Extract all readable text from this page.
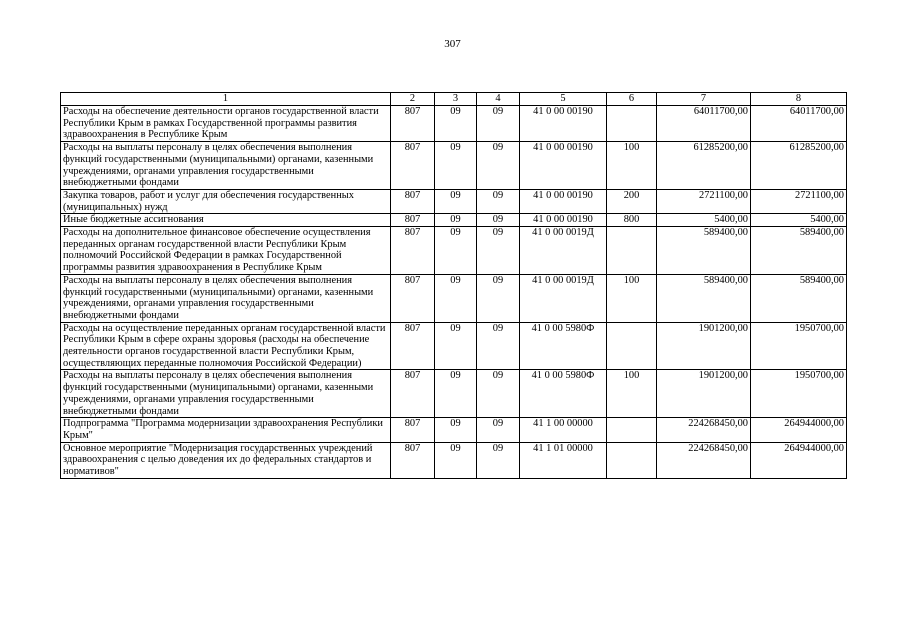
307
1	2	3	4	5	6	7	8
Расходы на обеспечение деятельности органов государственной власти Республики Крым в рамках Государственной программы развития здравоохранения в Республике Крым	807	09	09	41 0 00 00190		64011700,00	64011700,00
Расходы на выплаты персоналу в целях обеспечения выполнения функций государственными (муниципальными) органами, казенными учреждениями, органами управления государственными внебюджетными фондами	807	09	09	41 0 00 00190	100	61285200,00	61285200,00
Закупка товаров, работ и услуг для обеспечения государственных (муниципальных) нужд	807	09	09	41 0 00 00190	200	2721100,00	2721100,00
Иные бюджетные ассигнования	807	09	09	41 0 00 00190	800	5400,00	5400,00
Расходы на дополнительное финансовое обеспечение осуществления переданных органам государственной власти Республики Крым полномочий Российской Федерации в рамках Государственной программы развития здравоохранения в Республике Крым	807	09	09	41 0 00 0019Д		589400,00	589400,00
Расходы на выплаты персоналу в целях обеспечения выполнения функций государственными (муниципальными) органами, казенными учреждениями, органами управления государственными внебюджетными фондами	807	09	09	41 0 00 0019Д	100	589400,00	589400,00
Расходы на осуществление переданных органам государственной власти Республики Крым в сфере охраны здоровья (расходы на обеспечение деятельности органов государственной власти Республики Крым, осуществляющих переданные полномочия Российской Федерации)	807	09	09	41 0 00 5980Ф		1901200,00	1950700,00
Расходы на выплаты персоналу в целях обеспечения выполнения функций государственными (муниципальными) органами, казенными учреждениями, органами управления государственными внебюджетными фондами	807	09	09	41 0 00 5980Ф	100	1901200,00	1950700,00
Подпрограмма "Программа модернизации здравоохранения Республики Крым"	807	09	09	41 1 00 00000		224268450,00	264944000,00
Основное мероприятие "Модернизация государственных учреждений здравоохранения с целью доведения их до федеральных стандартов и нормативов"	807	09	09	41 1 01 00000		224268450,00	264944000,00
